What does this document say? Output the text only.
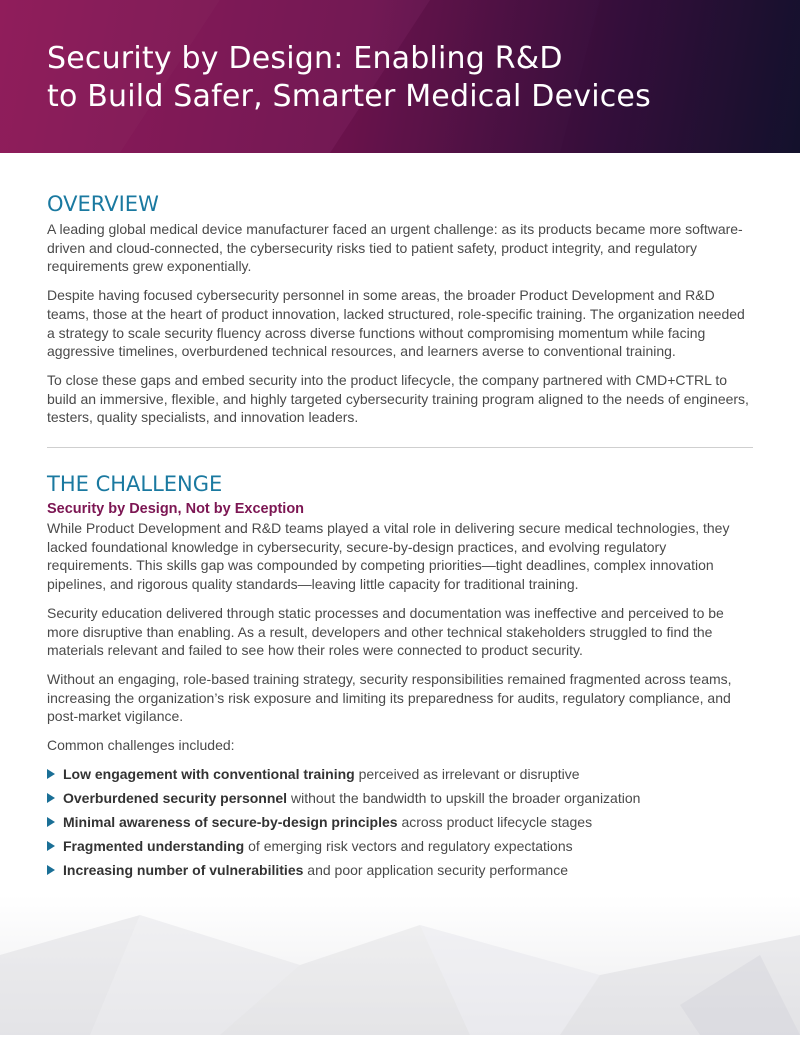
Security by Design: Enabling R&D
to Build Safer, Smarter Medical Devices
OVERVIEW

A leading global medical device manufacturer faced an urgent challenge: as its products became more software-driven and cloud-connected, the cybersecurity risks tied to patient safety, product integrity, and regulatory requirements grew exponentially.

Despite having focused cybersecurity personnel in some areas, the broader Product Development and R&D teams, those at the heart of product innovation, lacked structured, role-specific training. The organization needed a strategy to scale security fluency across diverse functions without compromising momentum while facing aggressive timelines, overburdened technical resources, and learners averse to conventional training.

To close these gaps and embed security into the product lifecycle, the company partnered with CMD+CTRL to build an immersive, flexible, and highly targeted cybersecurity training program aligned to the needs of engineers, testers, quality specialists, and innovation leaders.

THE CHALLENGE
Security by Design, Not by Exception

While Product Development and R&D teams played a vital role in delivering secure medical technologies, they lacked foundational knowledge in cybersecurity, secure-by-design practices, and evolving regulatory requirements. This skills gap was compounded by competing priorities—tight deadlines, complex innovation pipelines, and rigorous quality standards—leaving little capacity for traditional training.

Security education delivered through static processes and documentation was ineffective and perceived to be more disruptive than enabling. As a result, developers and other technical stakeholders struggled to find the materials relevant and failed to see how their roles were connected to product security.

Without an engaging, role-based training strategy, security responsibilities remained fragmented across teams, increasing the organization’s risk exposure and limiting its preparedness for audits, regulatory compliance, and post-market vigilance.

Common challenges included:

Low engagement with conventional training perceived as irrelevant or disruptive
Overburdened security personnel without the bandwidth to upskill the broader organization
Minimal awareness of secure-by-design principles across product lifecycle stages
Fragmented understanding of emerging risk vectors and regulatory expectations
Increasing number of vulnerabilities and poor application security performance
